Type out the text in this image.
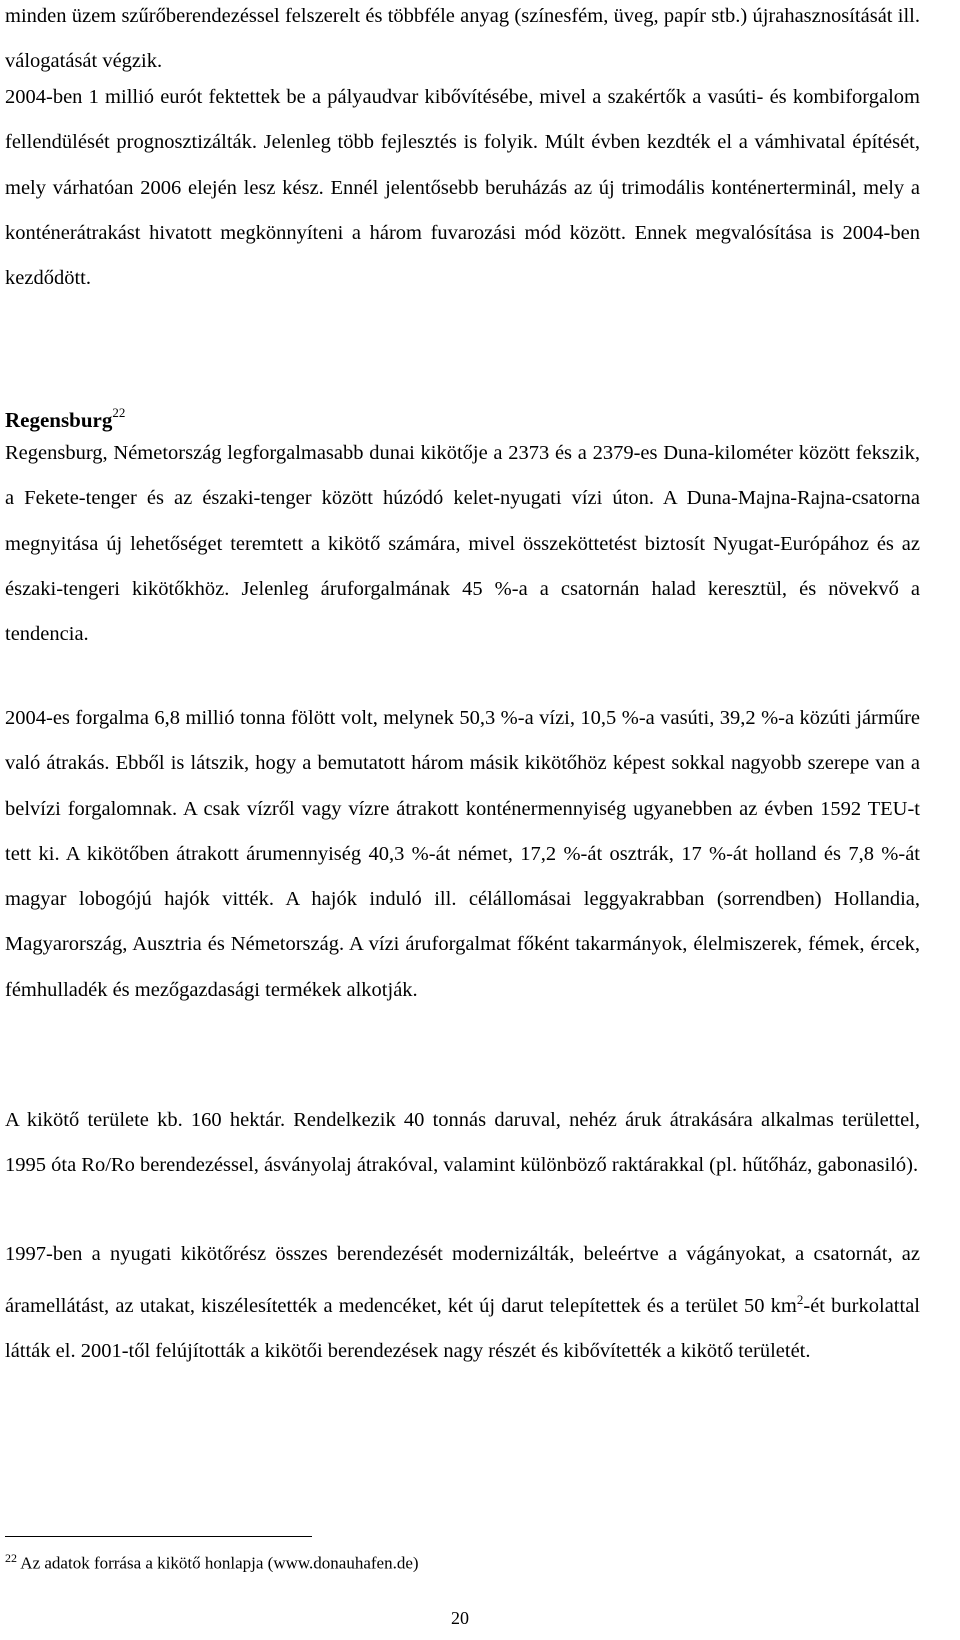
minden üzem szűrőberendezéssel felszerelt és többféle anyag (színesfém, üveg, papír stb.) újrahasznosítását ill. válogatását végzik.

2004-ben 1 millió eurót fektettek be a pályaudvar kibővítésébe, mivel a szakértők a vasúti- és kombiforgalom fellendülését prognosztizálták. Jelenleg több fejlesztés is folyik. Múlt évben kezdték el a vámhivatal építését, mely várhatóan 2006 elején lesz kész. Ennél jelentősebb beruházás az új trimodális konténerterminál, mely a konténerátrakást hivatott megkönnyíteni a három fuvarozási mód között. Ennek megvalósítása is 2004-ben kezdődött.

Regensburg$^{22}$

Regensburg, Németország legforgalmasabb dunai kikötője a 2373 és a 2379-es Duna-kilométer között fekszik, a Fekete-tenger és az északi-tenger között húzódó kelet-nyugati vízi úton. A Duna-Majna-Rajna-csatorna megnyitása új lehetőséget teremtett a kikötő számára, mivel összeköttetést biztosít Nyugat-Európához és az északi-tengeri kikötőkhöz. Jelenleg áruforgalmának 45 %-a a csatornán halad keresztül, és növekvő a tendencia.

2004-es forgalma 6,8 millió tonna fölött volt, melynek 50,3 %-a vízi, 10,5 %-a vasúti, 39,2 %-a közúti járműre való átrakás. Ebből is látszik, hogy a bemutatott három másik kikötőhöz képest sokkal nagyobb szerepe van a belvízi forgalomnak. A csak vízről vagy vízre átrakott konténermennyiség ugyanebben az évben 1592 TEU-t tett ki. A kikötőben átrakott árumennyiség 40,3 %-át német, 17,2 %-át osztrák, 17 %-át holland és 7,8 %-át magyar lobogójú hajók vitték. A hajók induló ill. célállomásai leggyakrabban (sorrendben) Hollandia, Magyarország, Ausztria és Németország. A vízi áruforgalmat főként takarmányok, élelmiszerek, fémek, ércek, fémhulladék és mezőgazdasági termékek alkotják.

A kikötő területe kb. 160 hektár. Rendelkezik 40 tonnás daruval, nehéz áruk átrakására alkalmas területtel, 1995 óta Ro/Ro berendezéssel, ásványolaj átrakóval, valamint különböző raktárakkal (pl. hűtőház, gabonasiló).

1997-ben a nyugati kikötőrész összes berendezését modernizálták, beleértve a vágányokat, a csatornát, az áramellátást, az utakat, kiszélesítették a medencéket, két új darut telepítettek és a terület 50 $km^2-ét$ burkolattal látták el. 2001-től felújították a kikötői berendezések nagy részét és kibővítették a kikötő területét.

$^{22}$ Az adatok forrása a kikötő honlapja (www.donauhafen.de)

20
